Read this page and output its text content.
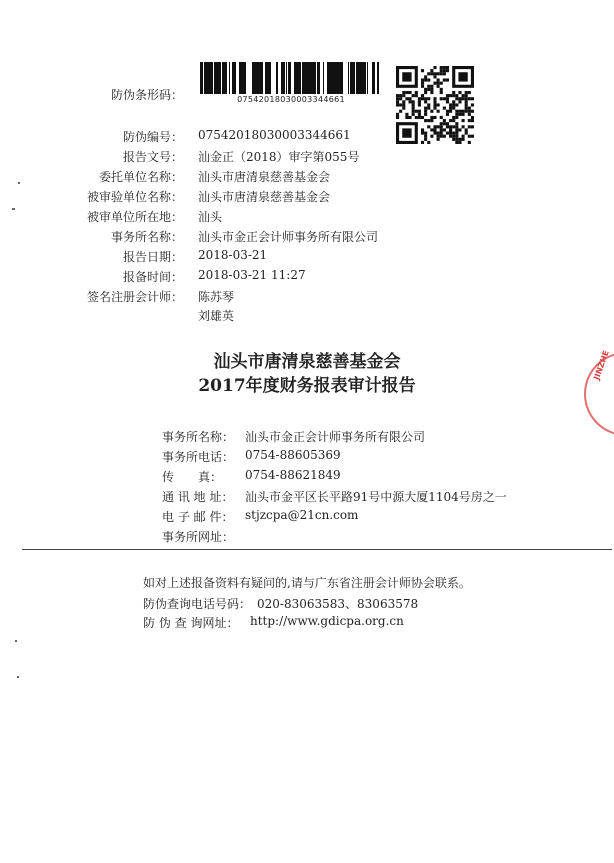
防伪条形码：	07542018030003344661
防伪编号： 07542018030003344661
报告文号： 汕金正（2018）审字第055号
委托单位名称： 汕头市唐清泉慈善基金会
被审验单位名称： 汕头市唐清泉慈善基金会
被审单位所在地： 汕头
事务所名称： 汕头市金正会计师事务所有限公司
报告日期： 2018-03-21
报备时间： 2018-03-21 11:27
签名注册会计师： 陈苏琴
刘雄英
汕头市唐清泉慈善基金会
2017年度财务报表审计报告
事务所名称： 汕头市金正会计师事务所有限公司
事务所电话： 0754-88605369
传　　真： 0754-88621849
通 讯 地 址： 汕头市金平区长平路91号中源大厦1104号房之一
电 子 邮 件： stjzcpa@21cn.com
事务所网址：
如对上述报备资料有疑问的,请与广东省注册会计师协会联系。
防伪查询电话号码： 020-83063583、83063578
防 伪 查 询网址： http://www.gdicpa.org.cn
JINZHE
